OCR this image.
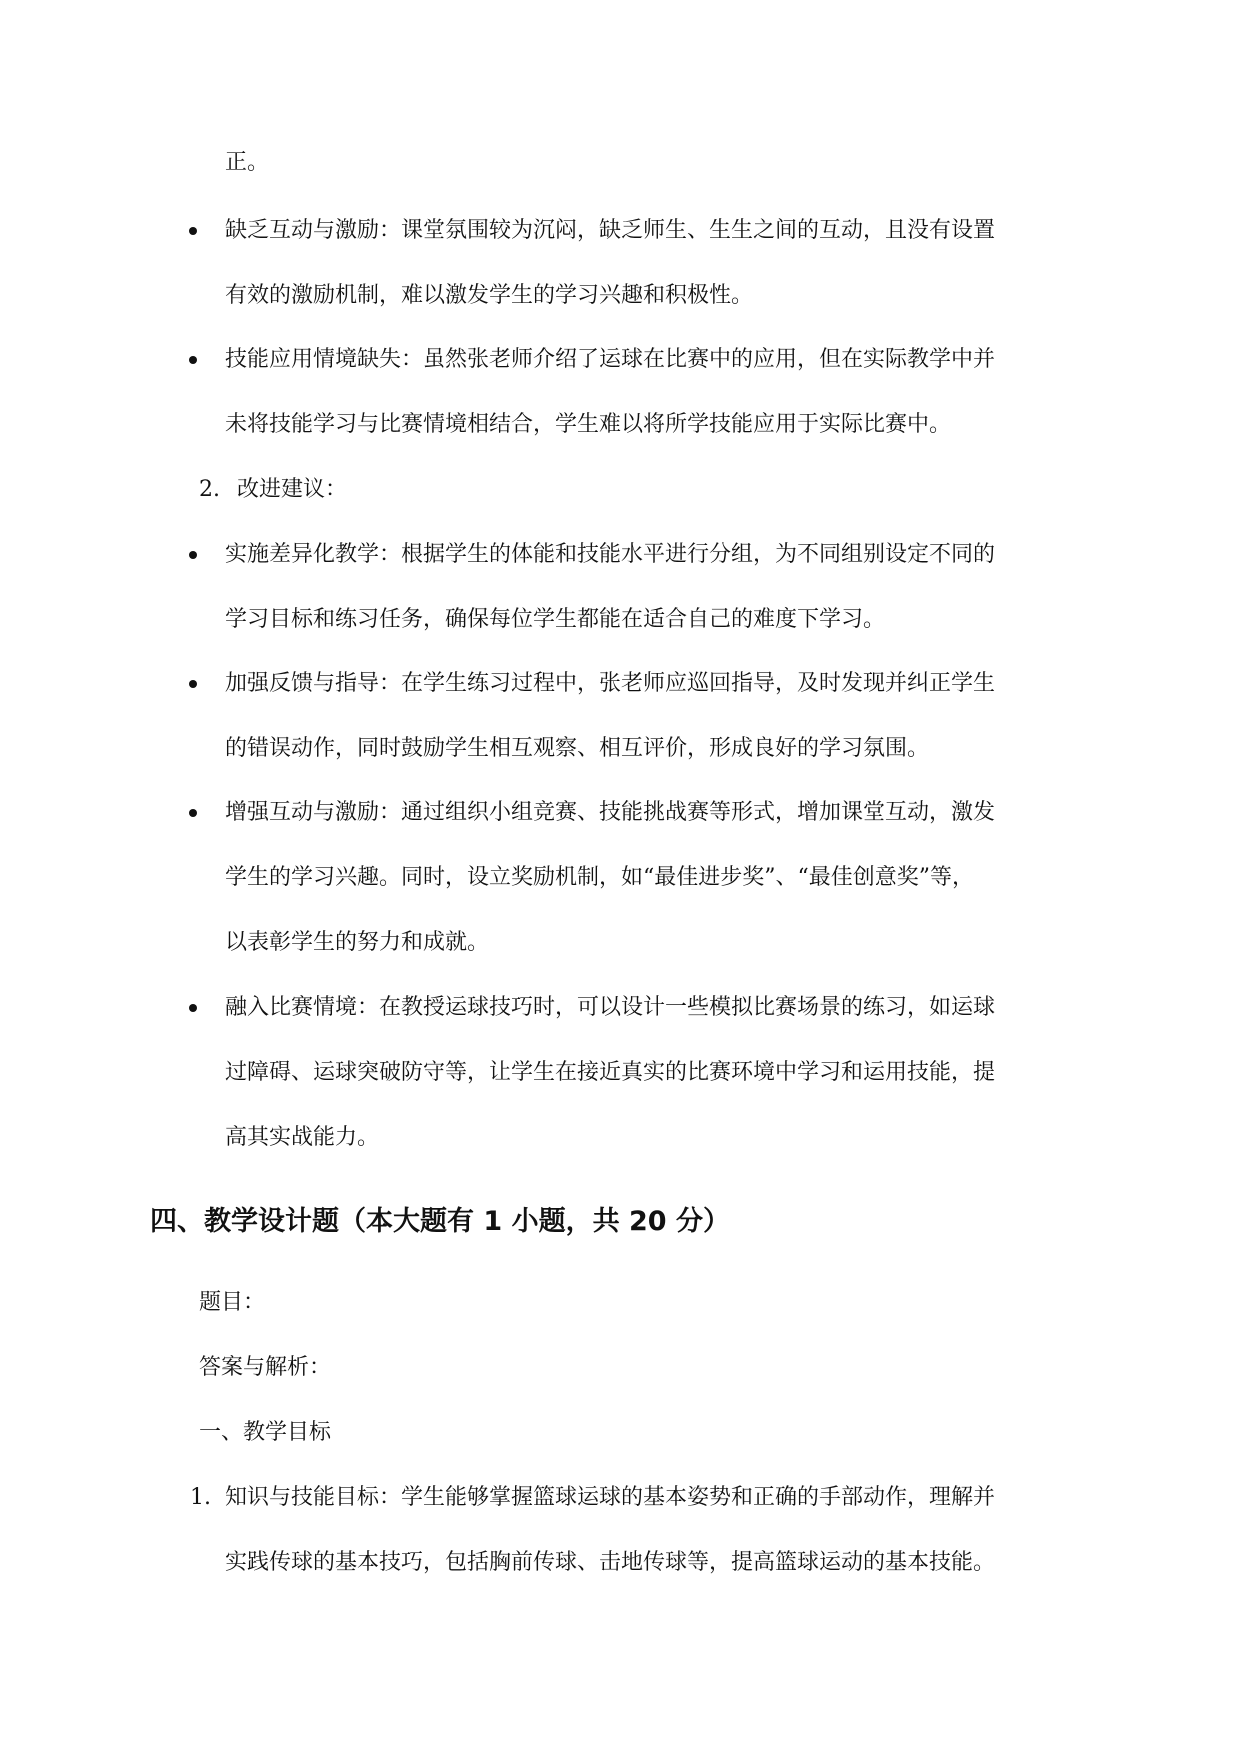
正。
缺乏互动与激励：课堂氛围较为沉闷，缺乏师生、生生之间的互动，且没有设置
有效的激励机制，难以激发学生的学习兴趣和积极性。
技能应用情境缺失：虽然张老师介绍了运球在比赛中的应用，但在实际教学中并
未将技能学习与比赛情境相结合，学生难以将所学技能应用于实际比赛中。
2. 改进建议：
实施差异化教学：根据学生的体能和技能水平进行分组，为不同组别设定不同的
学习目标和练习任务，确保每位学生都能在适合自己的难度下学习。
加强反馈与指导：在学生练习过程中，张老师应巡回指导，及时发现并纠正学生
的错误动作，同时鼓励学生相互观察、相互评价，形成良好的学习氛围。
增强互动与激励：通过组织小组竞赛、技能挑战赛等形式，增加课堂互动，激发
学生的学习兴趣。同时，设立奖励机制，如“最佳进步奖”、“最佳创意奖”等，
以表彰学生的努力和成就。
融入比赛情境：在教授运球技巧时，可以设计一些模拟比赛场景的练习，如运球
过障碍、运球突破防守等，让学生在接近真实的比赛环境中学习和运用技能，提
高其实战能力。
四、教学设计题（本大题有 1 小题，共 20 分）
题目：
答案与解析：
一、教学目标
1. 知识与技能目标：学生能够掌握篮球运球的基本姿势和正确的手部动作，理解并
实践传球的基本技巧，包括胸前传球、击地传球等，提高篮球运动的基本技能。
